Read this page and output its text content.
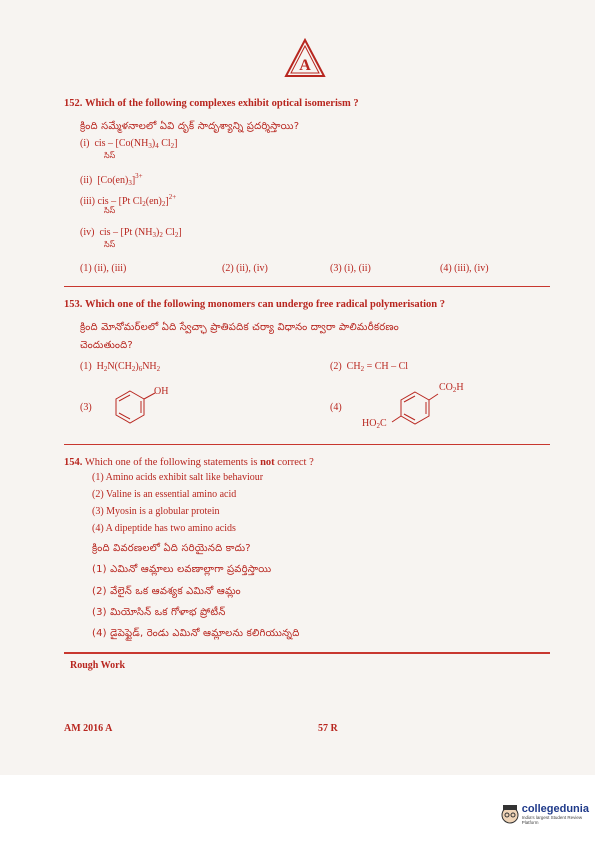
A
152. Which of the following complexes exhibit optical isomerism ?
క్రింది సమ్మేళనాలలో ఏవి దృక్ సాదృశ్యాన్ని ప్రదర్శిస్తాయి?
(i)  cis – [$Co(NH_3)_4$ $Cl_2$]
సిస్
(ii)  $[Co(en)_3]^{3+}$
(iii) cis – [Pt $Cl_2(en)_2]^{2+}$
సిస్
(iv)  cis – [Pt $(NH_3)_2$ $Cl_2$]
సిస్
(1) (ii), (iii)	(2) (ii), (iv)	(3) (i), (ii)	(4) (iii), (iv)
153. Which one of the following monomers can undergo free radical polymerisation ?
క్రింది మోనోమర్‌లలో ఏది స్వేచ్ఛా ప్రాతిపదిక చర్యా విధానం ద్వారా పాలిమరీకరణం
చెందుతుంది?
(1)  $H_2N(CH_2)_6NH_2$	(2)  $CH_2$ = CH – Cl
(3)
OH
(4)
$CO_2H$
$HO_2C$
154. Which one of the following statements is not correct ?
(1) Amino acids exhibit salt like behaviour
(2) Valine is an essential amino acid
(3) Myosin is a globular protein
(4) A dipeptide has two amino acids
క్రింది వివరణలలో ఏది సరియైనది కాదు?
(1) ఎమినో ఆమ్లాలు లవణాల్లాగా ప్రవర్తిస్తాయి
(2) వేలైన్ ఒక ఆవశ్యక ఎమినో ఆమ్లం
(3) మియోసిన్ ఒక గోళాభ ప్రోటీన్
(4) డైపెప్టైడ్, రెండు ఎమినో ఆమ్లాలను కలిగియున్నది
Rough Work
AM 2016 A	57 R
collegedunia
India's largest Student Review Platform
